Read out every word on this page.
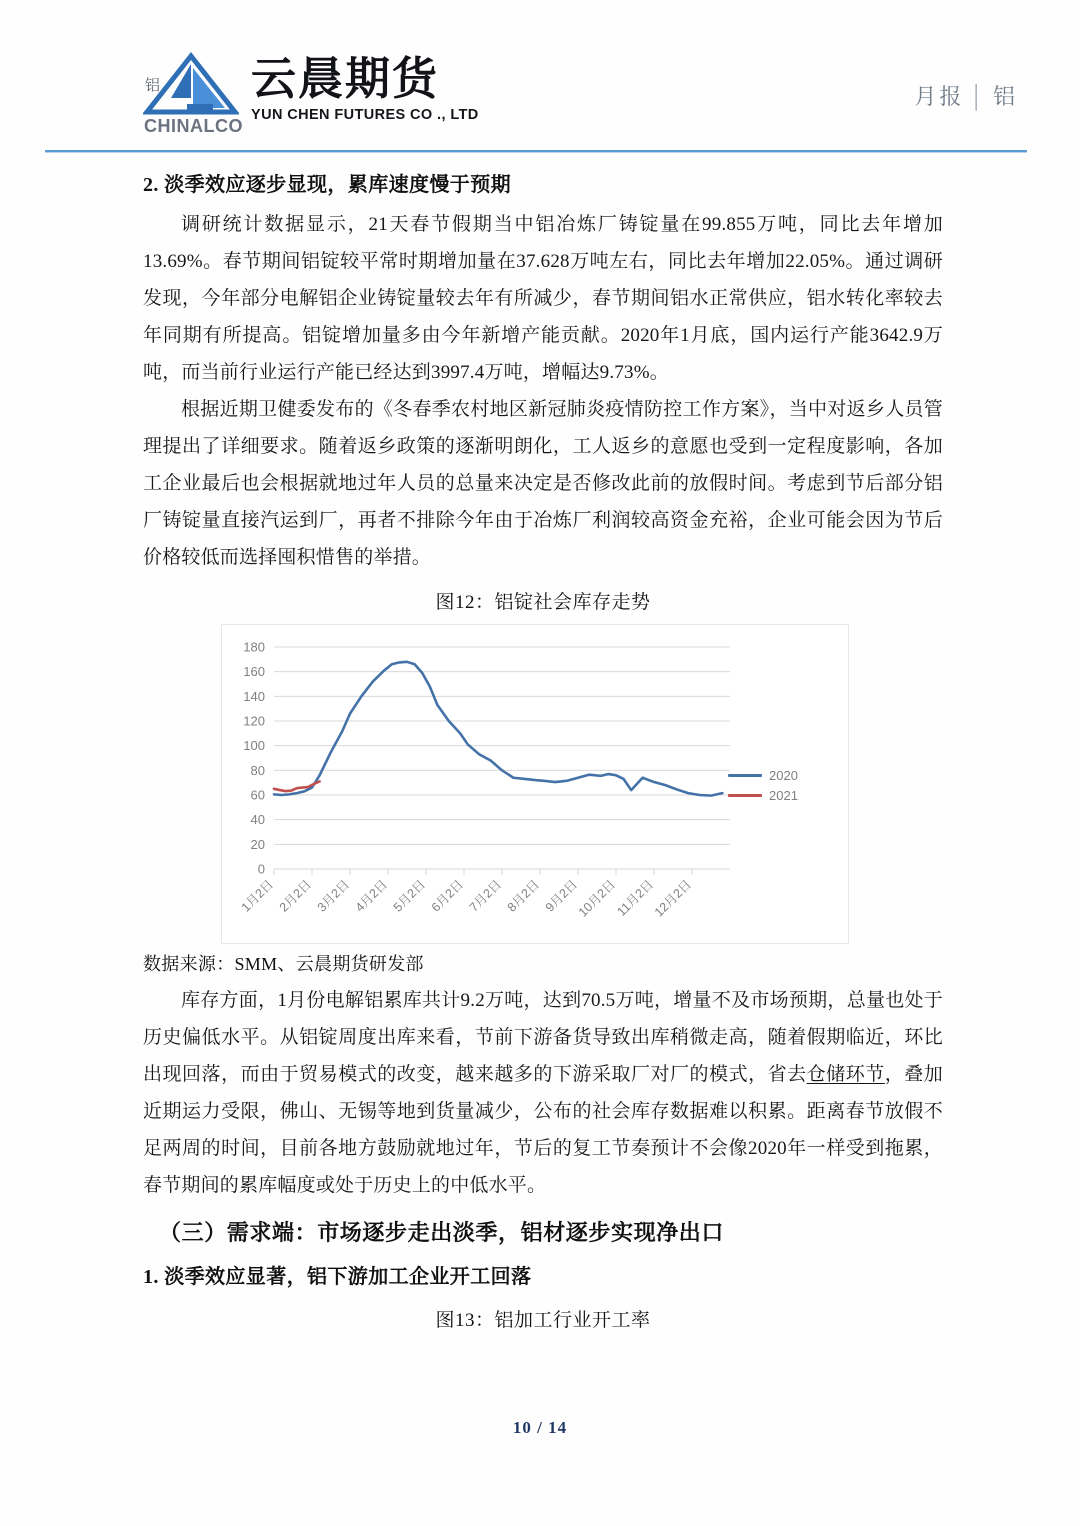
铝
CHINALCO
云晨期货
YUN CHEN FUTURES CO ., LTD
月报 │ 铝
2. 淡季效应逐步显现，累库速度慢于预期

调研统计数据显示，21天春节假期当中铝冶炼厂铸锭量在99.855万吨，同比去年增加13.69%。春节期间铝锭较平常时期增加量在37.628万吨左右，同比去年增加22.05%。通过调研发现，今年部分电解铝企业铸锭量较去年有所减少，春节期间铝水正常供应，铝水转化率较去年同期有所提高。铝锭增加量多由今年新增产能贡献。2020年1月底，国内运行产能3642.9万吨，而当前行业运行产能已经达到3997.4万吨，增幅达9.73%。

根据近期卫健委发布的《冬春季农村地区新冠肺炎疫情防控工作方案》，当中对返乡人员管理提出了详细要求。随着返乡政策的逐渐明朗化，工人返乡的意愿也受到一定程度影响，各加工企业最后也会根据就地过年人员的总量来决定是否修改此前的放假时间。考虑到节后部分铝厂铸锭量直接汽运到厂，再者不排除今年由于冶炼厂利润较高资金充裕，企业可能会因为节后价格较低而选择囤积惜售的举措。

图12：铝锭社会库存走势
0
20
40
60
80
100
120
140
160
180
1月2日 2月2日 3月2日 4月2日 5月2日 6月2日 7月2日 8月2日 9月2日
10月2日
11月2日
12月2日
2020
2021

数据来源：SMM、云晨期货研发部

库存方面，1月份电解铝累库共计9.2万吨，达到70.5万吨，增量不及市场预期，总量也处于历史偏低水平。从铝锭周度出库来看，节前下游备货导致出库稍微走高，随着假期临近，环比出现回落，而由于贸易模式的改变，越来越多的下游采取厂对厂的模式，省去仓储环节，叠加近期运力受限，佛山、无锡等地到货量减少，公布的社会库存数据难以积累。距离春节放假不足两周的时间，目前各地方鼓励就地过年，节后的复工节奏预计不会像2020年一样受到拖累，春节期间的累库幅度或处于历史上的中低水平。

（三）需求端：市场逐步走出淡季，铝材逐步实现净出口
1. 淡季效应显著，铝下游加工企业开工回落
图13：铝加工行业开工率
10 / 14
